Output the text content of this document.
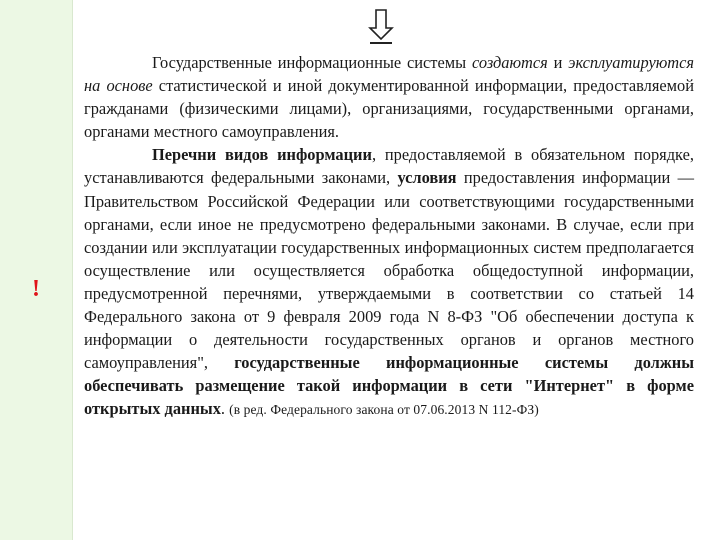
!

Государственные информационные системы создаются и эксплуатируются на основе статистической и иной документированной информации, предоставляемой гражданами (физическими лицами), организациями, государственными органами, органами местного самоуправления.

Перечни видов информации, предоставляемой в обязательном порядке, устанавливаются федеральными законами, условия предоставления информации — Правительством Российской Федерации или соответствующими государственными органами, если иное не предусмотрено федеральными законами. В случае, если при создании или эксплуатации государственных информационных систем предполагается осуществление или осуществляется обработка общедоступной информации, предусмотренной перечнями, утверждаемыми в соответствии со статьей 14 Федерального закона от 9 февраля 2009 года N 8-ФЗ "Об обеспечении доступа к информации о деятельности государственных органов и органов местного самоуправления", государственные информационные системы должны обеспечивать размещение такой информации в сети "Интернет" в форме открытых данных. (в ред. Федерального закона от 07.06.2013 N 112-ФЗ)
